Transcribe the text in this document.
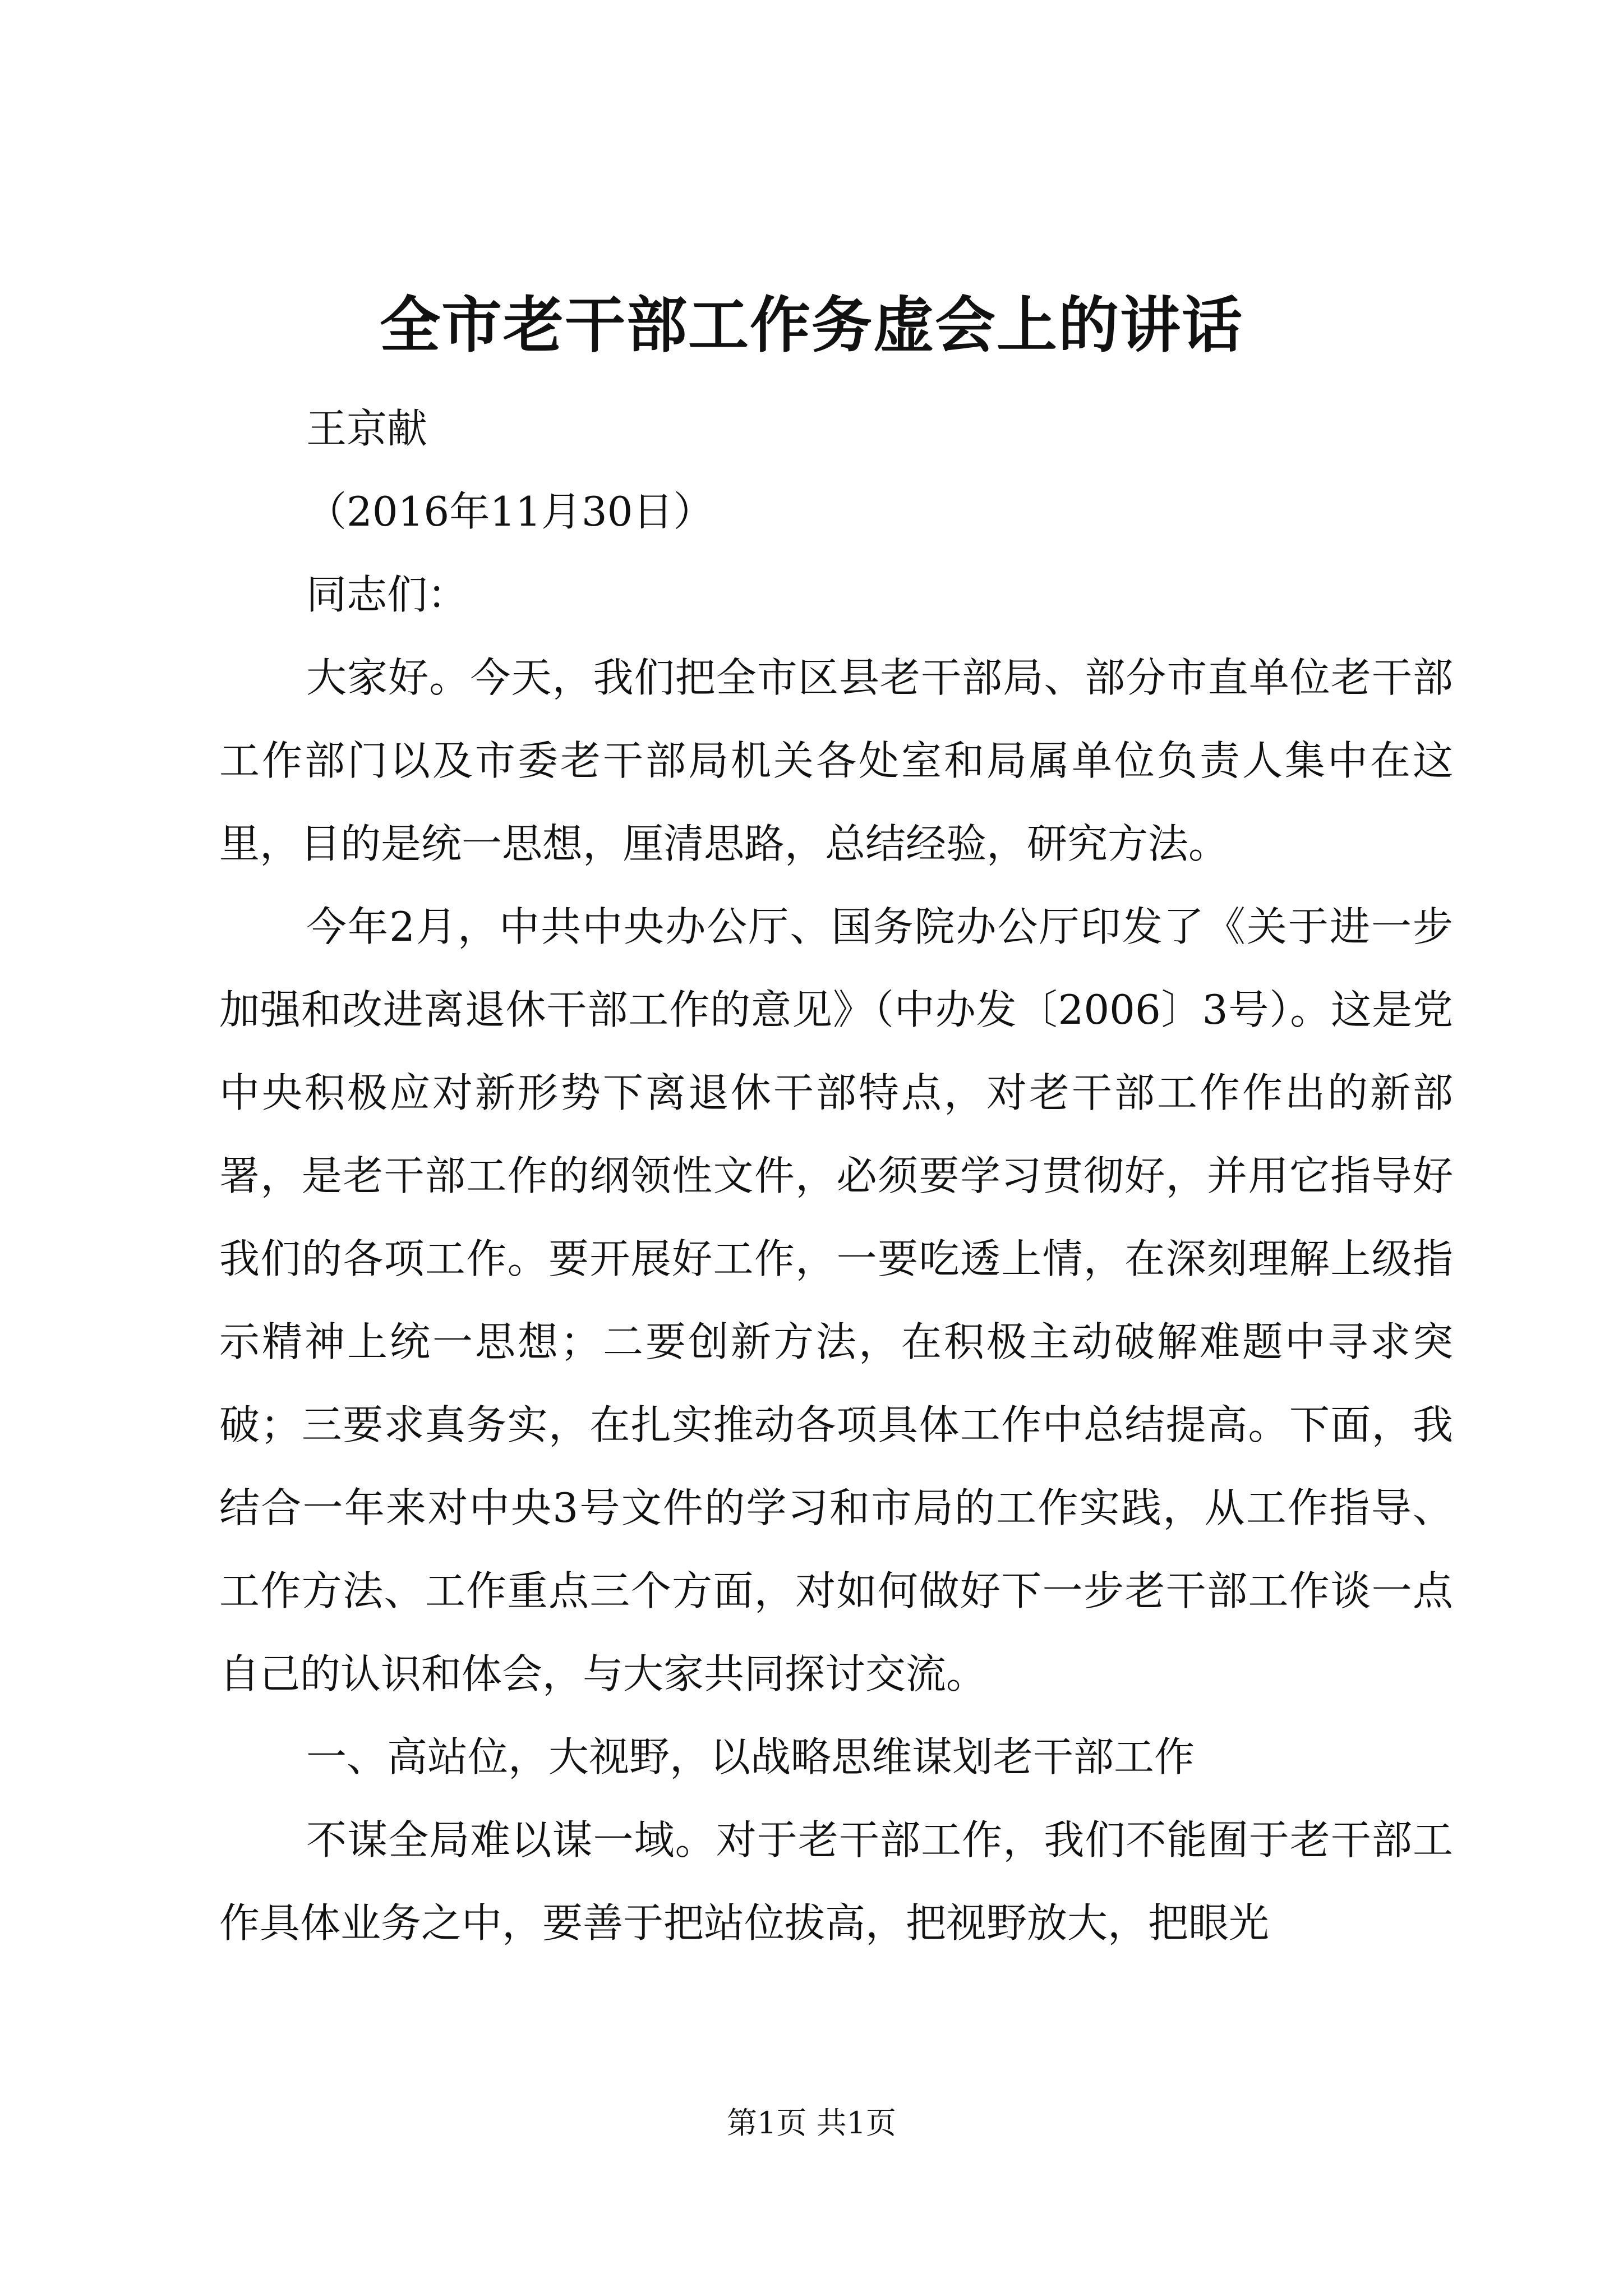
全市老干部工作务虚会上的讲话

王京献

（2016年11月30日）

同志们：

大家好。今天，我们把全市区县老干部局、部分市直单位老干部工作部门以及市委老干部局机关各处室和局属单位负责人集中在这里，目的是统一思想，厘清思路，总结经验，研究方法。

今年2月，中共中央办公厅、国务院办公厅印发了《关于进一步加强和改进离退休干部工作的意见》（中办发〔2006〕3号）。这是党中央积极应对新形势下离退休干部特点，对老干部工作作出的新部署，是老干部工作的纲领性文件，必须要学习贯彻好，并用它指导好我们的各项工作。要开展好工作，一要吃透上情，在深刻理解上级指示精神上统一思想；二要创新方法，在积极主动破解难题中寻求突破；三要求真务实，在扎实推动各项具体工作中总结提高。下面，我结合一年来对中央3号文件的学习和市局的工作实践，从工作指导、工作方法、工作重点三个方面，对如何做好下一步老干部工作谈一点自己的认识和体会，与大家共同探讨交流。

一、高站位，大视野，以战略思维谋划老干部工作

不谋全局难以谋一域。对于老干部工作，我们不能囿于老干部工作具体业务之中，要善于把站位拔高，把视野放大，把眼光

第1页 共1页
